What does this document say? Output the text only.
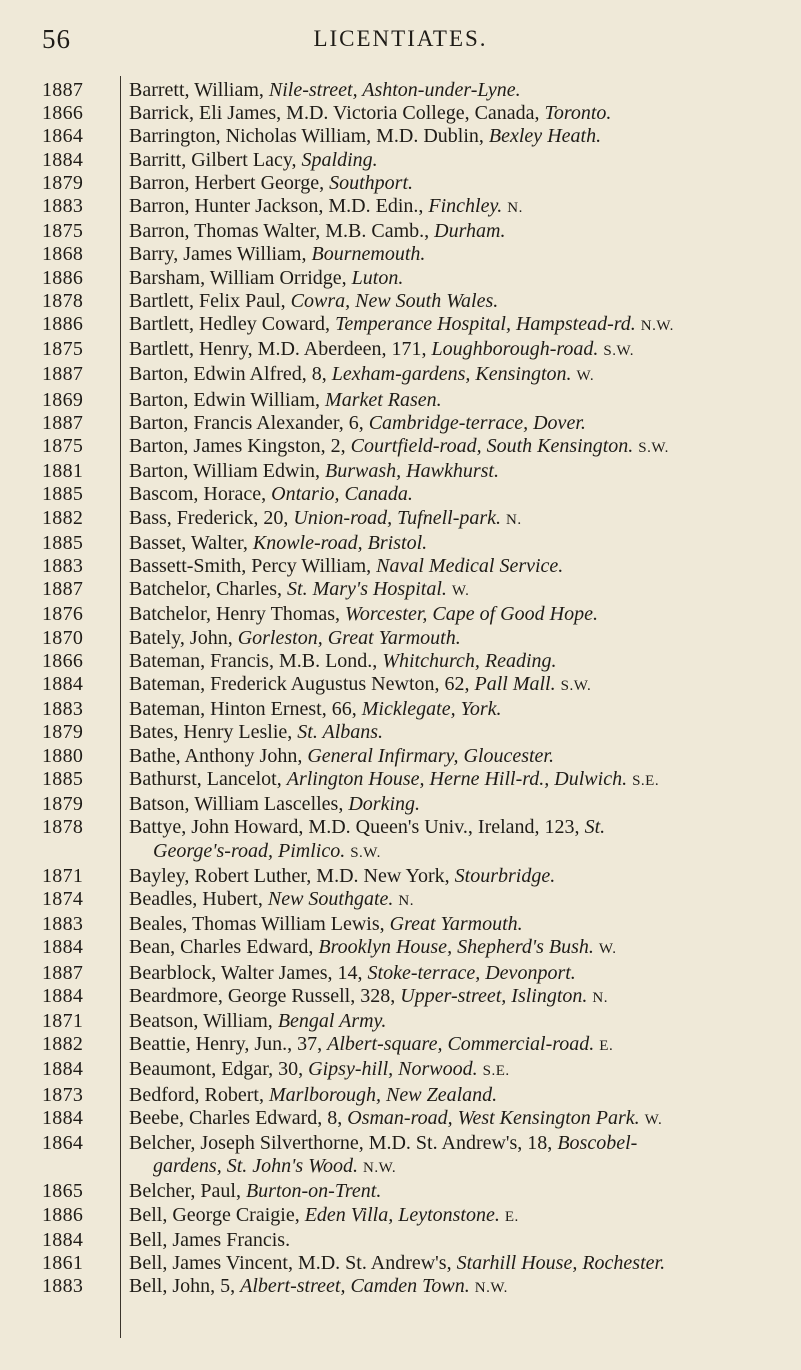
56	LICENTIATES.
1887	Barrett, William, Nile-street, Ashton-under-Lyne.
1866	Barrick, Eli James, M.D. Victoria College, Canada, Toronto.
1864	Barrington, Nicholas William, M.D. Dublin, Bexley Heath.
1884	Barritt, Gilbert Lacy, Spalding.
1879	Barron, Herbert George, Southport.
1883	Barron, Hunter Jackson, M.D. Edin., Finchley. N.
1875	Barron, Thomas Walter, M.B. Camb., Durham.
1868	Barry, James William, Bournemouth.
1886	Barsham, William Orridge, Luton.
1878	Bartlett, Felix Paul, Cowra, New South Wales.
1886	Bartlett, Hedley Coward, Temperance Hospital, Hampstead-rd. N.W.
1875	Bartlett, Henry, M.D. Aberdeen, 171, Loughborough-road. S.W.
1887	Barton, Edwin Alfred, 8, Lexham-gardens, Kensington. W.
1869	Barton, Edwin William, Market Rasen.
1887	Barton, Francis Alexander, 6, Cambridge-terrace, Dover.
1875	Barton, James Kingston, 2, Courtfield-road, South Kensington. S.W.
1881	Barton, William Edwin, Burwash, Hawkhurst.
1885	Bascom, Horace, Ontario, Canada.
1882	Bass, Frederick, 20, Union-road, Tufnell-park. N.
1885	Basset, Walter, Knowle-road, Bristol.
1883	Bassett-Smith, Percy William, Naval Medical Service.
1887	Batchelor, Charles, St. Mary's Hospital. W.
1876	Batchelor, Henry Thomas, Worcester, Cape of Good Hope.
1870	Bately, John, Gorleston, Great Yarmouth.
1866	Bateman, Francis, M.B. Lond., Whitchurch, Reading.
1884	Bateman, Frederick Augustus Newton, 62, Pall Mall. S.W.
1883	Bateman, Hinton Ernest, 66, Micklegate, York.
1879	Bates, Henry Leslie, St. Albans.
1880	Bathe, Anthony John, General Infirmary, Gloucester.
1885	Bathurst, Lancelot, Arlington House, Herne Hill-rd., Dulwich. S.E.
1879	Batson, William Lascelles, Dorking.
1878	Battye, John Howard, M.D. Queen's Univ., Ireland, 123, St.
George's-road, Pimlico. S.W.
1871	Bayley, Robert Luther, M.D. New York, Stourbridge.
1874	Beadles, Hubert, New Southgate. N.
1883	Beales, Thomas William Lewis, Great Yarmouth.
1884	Bean, Charles Edward, Brooklyn House, Shepherd's Bush. W.
1887	Bearblock, Walter James, 14, Stoke-terrace, Devonport.
1884	Beardmore, George Russell, 328, Upper-street, Islington. N.
1871	Beatson, William, Bengal Army.
1882	Beattie, Henry, Jun., 37, Albert-square, Commercial-road. E.
1884	Beaumont, Edgar, 30, Gipsy-hill, Norwood. S.E.
1873	Bedford, Robert, Marlborough, New Zealand.
1884	Beebe, Charles Edward, 8, Osman-road, West Kensington Park. W.
1864	Belcher, Joseph Silverthorne, M.D. St. Andrew's, 18, Boscobel-
gardens, St. John's Wood. N.W.
1865	Belcher, Paul, Burton-on-Trent.
1886	Bell, George Craigie, Eden Villa, Leytonstone. E.
1884	Bell, James Francis.
1861	Bell, James Vincent, M.D. St. Andrew's, Starhill House, Rochester.
1883	Bell, John, 5, Albert-street, Camden Town. N.W.
